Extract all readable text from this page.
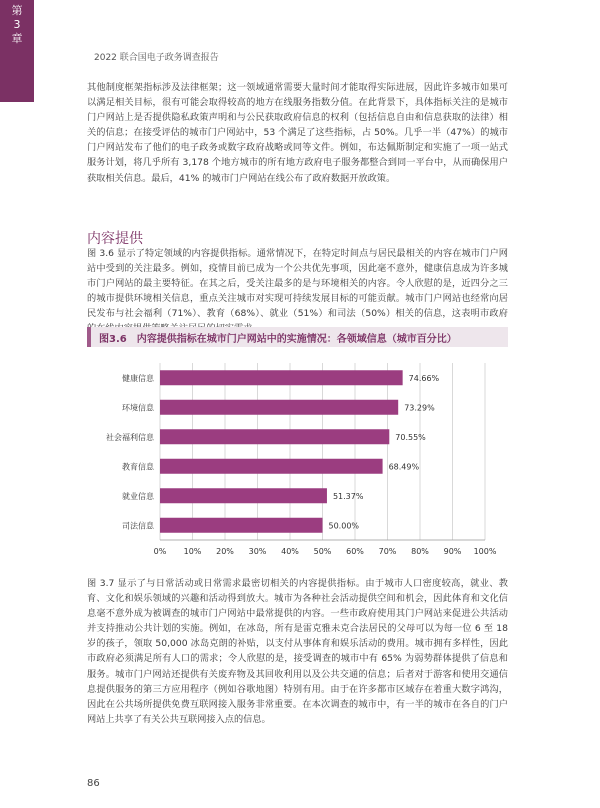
第
3
章
2022 联合国电子政务调查报告

其他制度框架指标涉及法律框架；这一领域通常需要大量时间才能取得实际进展，因此许多城市如果可以满足相关目标，很有可能会取得较高的地方在线服务指数分值。在此背景下，具体指标关注的是城市门户网站上是否提供隐私政策声明和与公民获取政府信息的权利（包括信息自由和信息获取的法律）相关的信息；在接受评估的城市门户网站中，53 个满足了这些指标，占 50%。几乎一半（47%）的城市门户网站发布了他们的电子政务或数字政府战略或同等文件。例如，布达佩斯制定和实施了一项一站式服务计划，将几乎所有 3,178 个地方城市的所有地方政府电子服务都整合到同一平台中，从而确保用户获取相关信息。最后，41% 的城市门户网站在线公布了政府数据开放政策。

内容提供

图 3.6 显示了特定领域的内容提供指标。通常情况下，在特定时间点与居民最相关的内容在城市门户网站中受到的关注最多。例如，疫情目前已成为一个公共优先事项，因此毫不意外，健康信息成为许多城市门户网站的最主要特征。在其之后，受关注最多的是与环境相关的内容。令人欣慰的是，近四分之三的城市提供环境相关信息，重点关注城市对实现可持续发展目标的可能贡献。城市门户网站也经常向居民发布与社会福利（71%）、教育（68%）、就业（51%）和司法（50%）相关的信息，这表明市政府

图3.6　内容提供指标在城市门户网站中的实施情况：各领域信息（城市百分比）
0% 10% 20% 30% 40% 50% 60% 70% 80% 90% 100%
健康信息	74.66%
环境信息	73.29%
社会福利信息	70.55%
教育信息	68.49%
就业信息	51.37%
司法信息	50.00%

图 3.7 显示了与日常活动或日常需求最密切相关的内容提供指标。由于城市人口密度较高，就业、教育、文化和娱乐领域的兴趣和活动得到放大。城市为各种社会活动提供空间和机会，因此体育和文化信息毫不意外成为被调查的城市门户网站中最常提供的内容。一些市政府使用其门户网站来促进公共活动并支持推动公共计划的实施。例如，在冰岛，所有是雷克雅未克合法居民的父母可以为每一位 6 至 18 岁的孩子，领取 50,000 冰岛克朗的补贴，以支付从事体育和娱乐活动的费用。城市拥有多样性，因此市政府必须满足所有人口的需求；令人欣慰的是，接受调查的城市中有 65% 为弱势群体提供了信息和服务。城市门户网站还提供有关废弃物及其回收利用以及公共交通的信息；后者对于游客和使用交通信息提供服务的第三方应用程序（例如谷歌地图）特别有用。由于在许多都市区域存在着重大数字鸿沟，因此在公共场所提供免费互联网接入服务非常重要。在本次调查的城市中，有一半的城市在各自的门户网站上共享了有关公共互联网接入点的信息。

86
